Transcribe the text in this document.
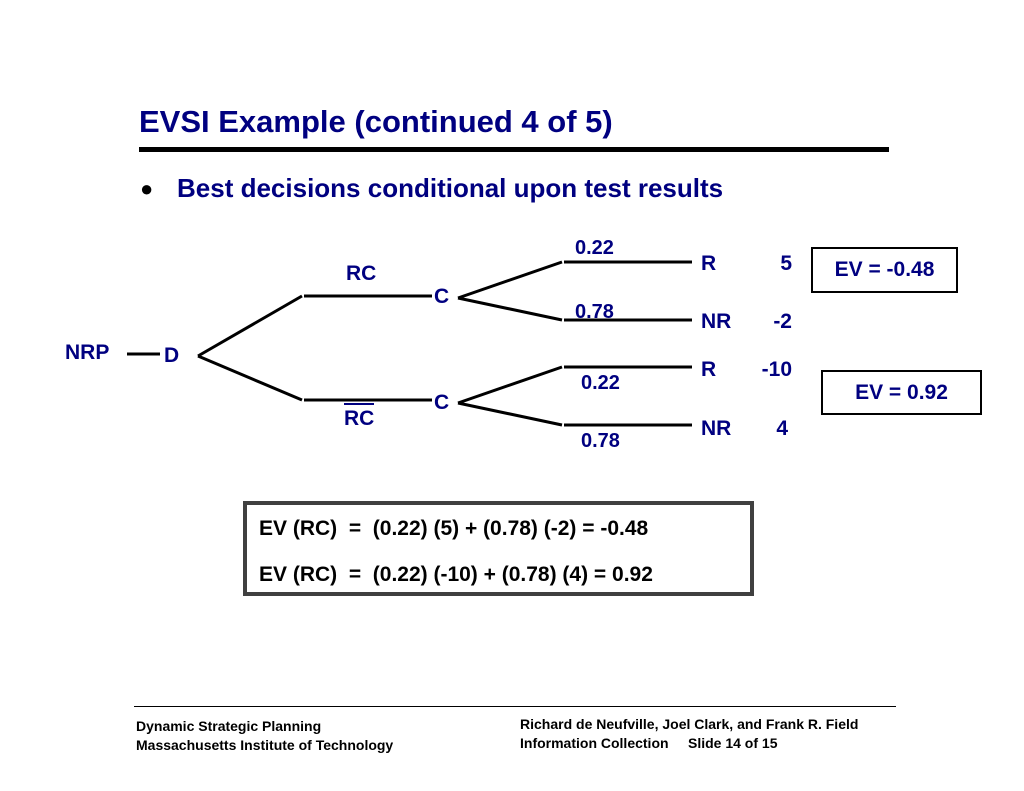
EVSI Example (continued 4 of 5)
● Best decisions conditional upon test results
NRP	D
RC
RC
C
C
0.22
0.78
0.22
0.78
R
NR
R
NR
5
-2
-10
4
EV = -0.48
EV = 0.92
EV (RC)  =  (0.22) (5) + (0.78) (-2) = -0.48
EV (RC)  =  (0.22) (-10) + (0.78) (4) = 0.92
Dynamic Strategic Planning
Massachusetts Institute of Technology
Richard de Neufville, Joel Clark, and Frank R. Field
Information Collection     Slide 14 of 15
